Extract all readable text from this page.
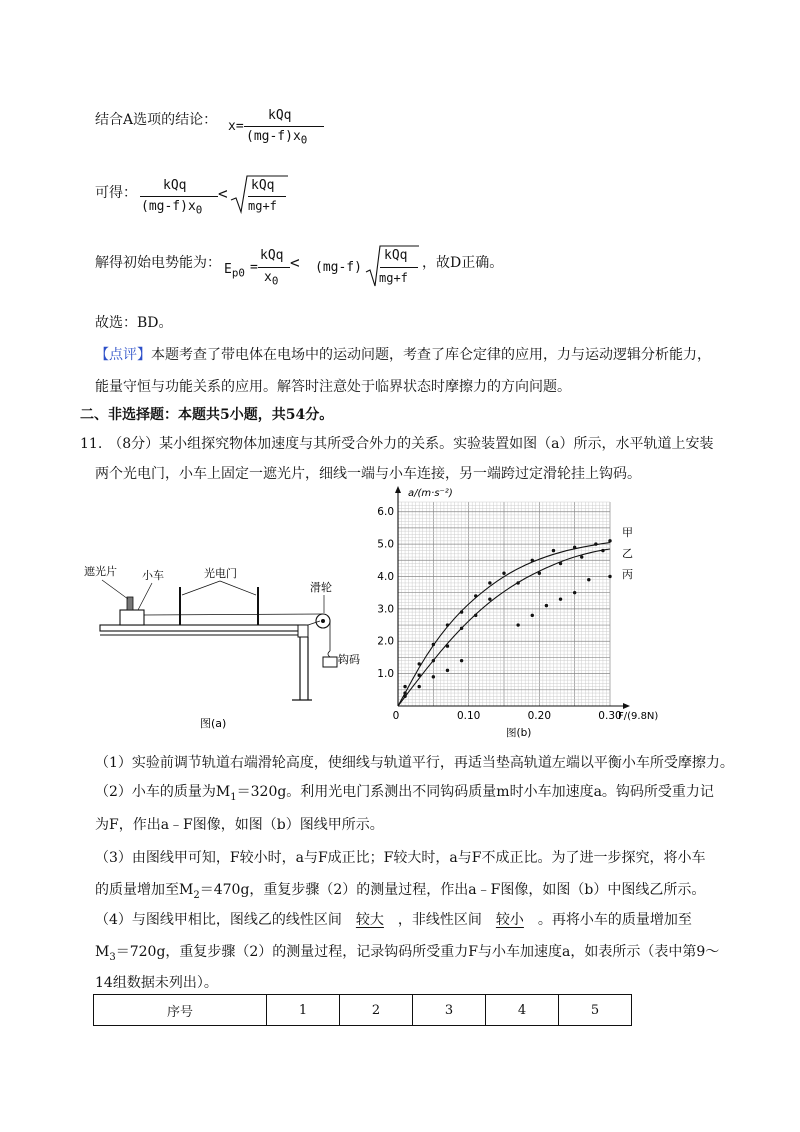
结合A选项的结论： x=
kQq
$(mg-f)x_0$
可得： kQq
$(mg-f)x_0$
< kQq
mg+f
解得初始电势能为： $E_{p0}$ =
kQq
$x_0$
< (mg-f)
kQq
mg+f
，故D正确。
故选：BD。
【点评】本题考查了带电体在电场中的运动问题，考查了库仑定律的应用，力与运动逻辑分析能力，
能量守恒与功能关系的应用。解答时注意处于临界状态时摩擦力的方向问题。
二、非选择题：本题共5小题，共54分。
11. （8分）某小组探究物体加速度与其所受合外力的关系。实验装置如图（a）所示，水平轨道上安装
两个光电门，小车上固定一遮光片，细线一端与小车连接，另一端跨过定滑轮挂上钩码。
遮光片 小车	光电门
滑轮
钩码
图(a)
1.0
2.0
3.0
4.0
5.0
6.0
0	0.10	0.20	0.30
a/(m·s⁻²)
F/(9.8N)
图(b)
甲
乙
丙
（1）实验前调节轨道右端滑轮高度，使细线与轨道平行，再适当垫高轨道左端以平衡小车所受摩擦力。
（2）小车的质量为$M_1=320g$。利用光电门系测出不同钩码质量m时小车加速度a。钩码所受重力记
为F，作出a﹣F图像，如图（b）图线甲所示。
（3）由图线甲可知，F较小时，a与F成正比；F较大时，a与F不成正比。为了进一步探究，将小车
的质量增加至$M_2=470g$，重复步骤（2）的测量过程，作出a﹣F图像，如图（b）中图线乙所示。
（4）与图线甲相比，图线乙的线性区间 较大 ，非线性区间 较小 。再将小车的质量增加至
$M_3=720g$，重复步骤（2）的测量过程，记录钩码所受重力F与小车加速度a，如表所示（表中第9～
14组数据未列出）。
序号	1	2	3	4	5
